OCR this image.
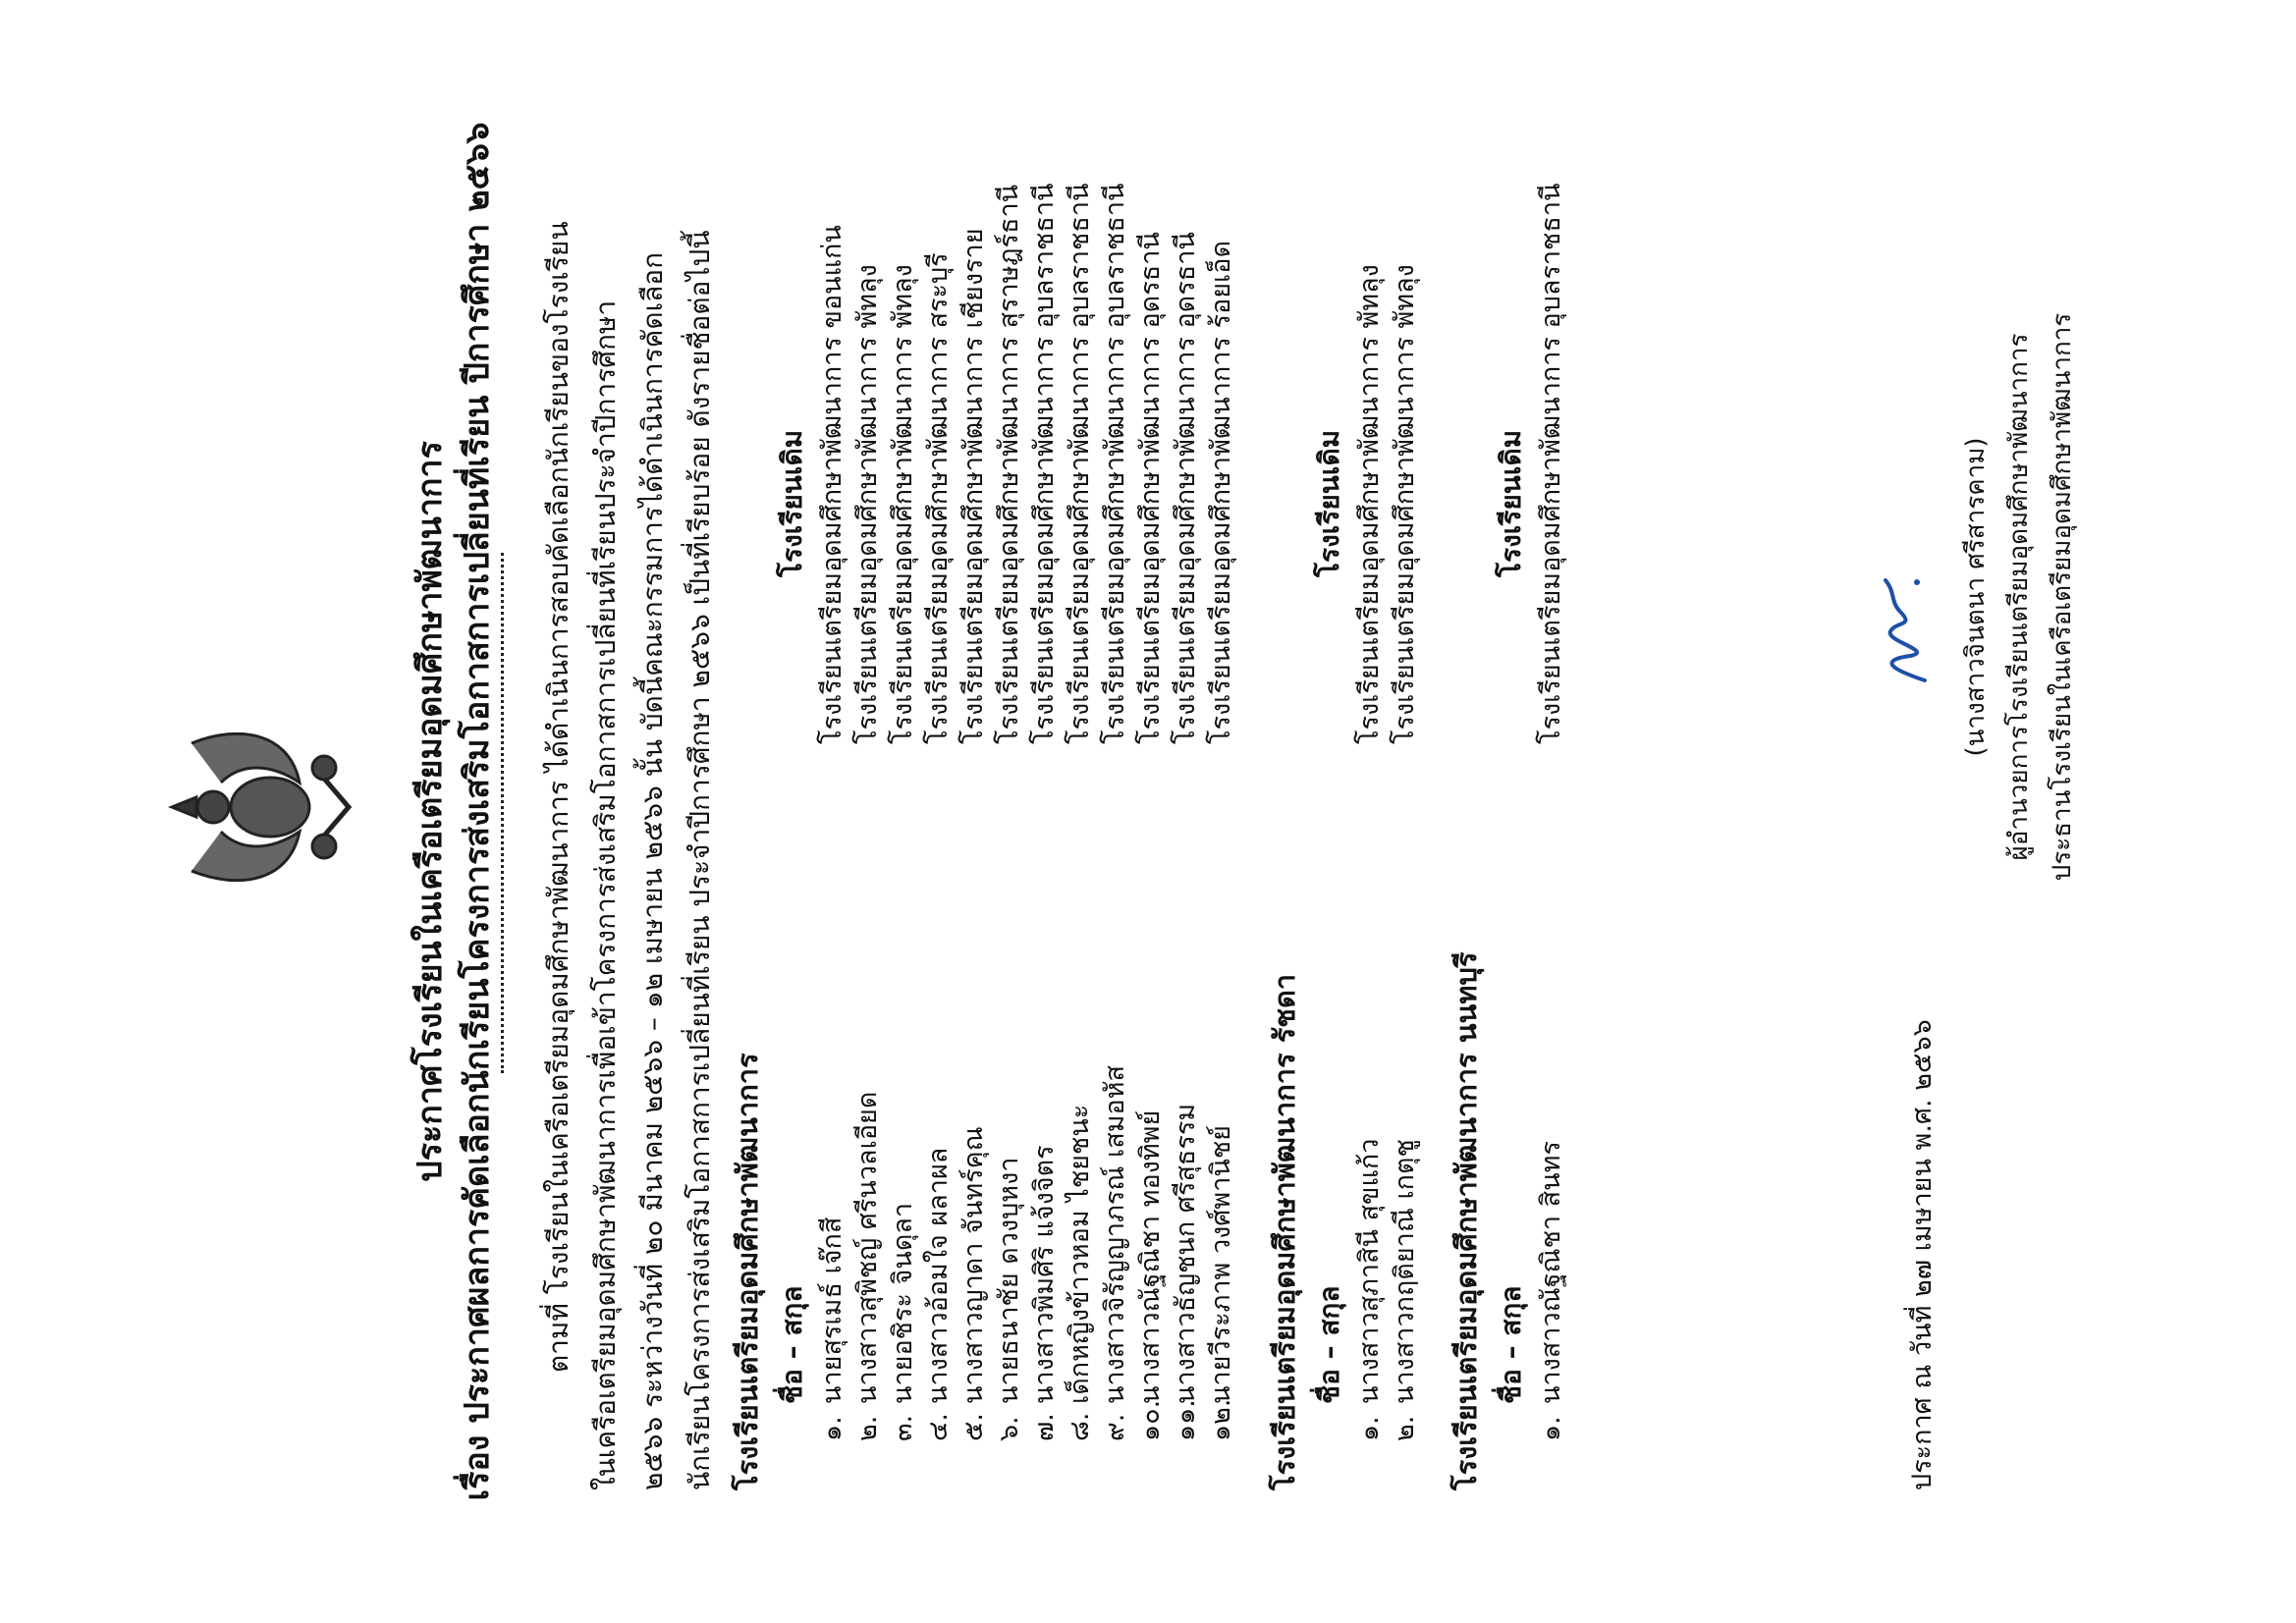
ประกาศโรงเรียนในเครือเตรียมอุดมศึกษาพัฒนาการ เรื่อง ประกาศผลการคัดเลือกนักเรียนโครงการส่งเสริมโอกาสการเปลี่ยนที่เรียน ปีการศึกษา ๒๕๖๖ ตามที่ โรงเรียนในเครือเตรียมอุดมศึกษาพัฒนาการ ได้ดำเนินการสอบคัดเลือกนักเรียนของโรงเรียน ในเครือเตรียมอุดมศึกษาพัฒนาการเพื่อเข้าโครงการส่งเสริมโอกาสการเปลี่ยนที่เรียนประจำปีการศึกษา ๒๕๖๖ ระหว่างวันที่ ๒๐ มีนาคม ๒๕๖๖ – ๑๒ เมษายน ๒๕๖๖ นั้น บัดนี้คณะกรรมการได้ดำเนินการคัดเลือก นักเรียนโครงการส่งเสริมโอกาสการเปลี่ยนที่เรียน ประจำปีการศึกษา ๒๕๖๖ เป็นที่เรียบร้อย ดังรายชื่อต่อไปนี้ โรงเรียนเตรียมอุดมศึกษาพัฒนาการ ชื่อ – สกุล
โรงเรียนเดิม
๑.
นายสุรเมธ์ เจ๊กสี
โรงเรียนเตรียมอุดมศึกษาพัฒนาการ ขอนแก่น
๒.
นางสาวสุพิชญ์ ศรีนวลเอียด
โรงเรียนเตรียมอุดมศึกษาพัฒนาการ พัทลุง
๓.
นายอชิระ จินดุลา
โรงเรียนเตรียมอุดมศึกษาพัฒนาการ พัทลุง
๔.
นางสาวอ้อมใจ ผลาผล
โรงเรียนเตรียมอุดมศึกษาพัฒนาการ สระบุรี
๕.
นางสาวญาดา จันทร์คุณ
โรงเรียนเตรียมอุดมศึกษาพัฒนาการ เชียงราย
๖.
นายธนาชัย ดวงบุหงา
โรงเรียนเตรียมอุดมศึกษาพัฒนาการ สุราษฎร์ธานี
๗.
นางสาวพิมศิริ แจ้งจิตร
โรงเรียนเตรียมอุดมศึกษาพัฒนาการ อุบลราชธานี
๘.
เด็กหญิงข้าวหอม ไชยชนะ
โรงเรียนเตรียมอุดมศึกษาพัฒนาการ อุบลราชธานี
๙.
นางสาวจิรัญญาภรณ์ เสมอหัส
โรงเรียนเตรียมอุดมศึกษาพัฒนาการ อุบลราชธานี
๑๐.
นางสาวณัฐณิชา ทองทิพย์
โรงเรียนเตรียมอุดมศึกษาพัฒนาการ อุดรธานี
๑๑.
นางสาวธัญชนก ศรีสุธรรม
โรงเรียนเตรียมอุดมศึกษาพัฒนาการ อุดรธานี
๑๒.
นายวีระภาพ วงศ์พานิชย์
โรงเรียนเตรียมอุดมศึกษาพัฒนาการ ร้อยเอ็ด
โรงเรียนเตรียมอุดมศึกษาพัฒนาการ รัชดา ชื่อ – สกุล
โรงเรียนเดิม
๑.
นางสาวสุภาสินี สุขแก้ว
โรงเรียนเตรียมอุดมศึกษาพัฒนาการ พัทลุง
๒.
นางสาวกฤติยาณี เกตุชู
โรงเรียนเตรียมอุดมศึกษาพัฒนาการ พัทลุง
โรงเรียนเตรียมอุดมศึกษาพัฒนาการ นนทบุรี ชื่อ – สกุล
โรงเรียนเดิม
๑.
นางสาวณัฐณิชา สินทร
โรงเรียนเตรียมอุดมศึกษาพัฒนาการ อุบลราชธานี
ประกาศ ณ วันที่ ๒๗ เมษายน พ.ศ. ๒๕๖๖
(นางสาวจินตนา ศรีสารคาม) ผู้อำนวยการโรงเรียนเตรียมอุดมศึกษาพัฒนาการ ประธานโรงเรียนในเครือเตรียมอุดมศึกษาพัฒนาการ
